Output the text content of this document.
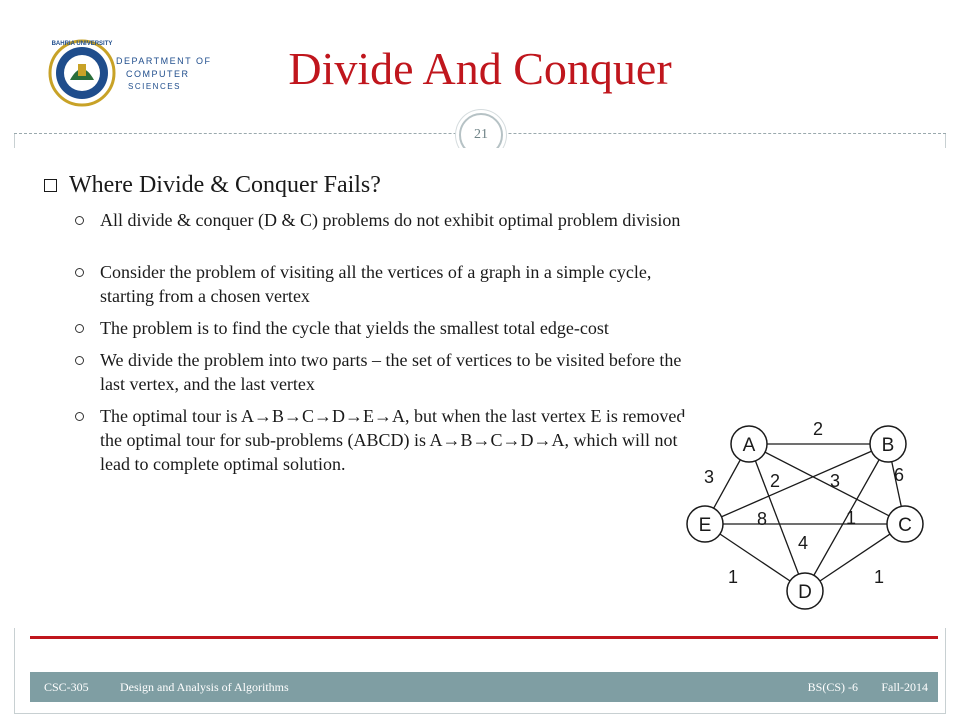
BAHRIA UNIVERSITY
DEPARTMENT OF
COMPUTER
SCIENCES	Divide And Conquer
21
Where Divide & Conquer Fails?
All divide & conquer (D & C) problems do not exhibit optimal problem division
Consider the problem of visiting all the vertices of a graph in a simple cycle, starting from a chosen vertex
The problem is to find the cycle that yields the smallest total edge-cost
We divide the problem into two parts – the set of vertices to be visited before the last vertex, and the last vertex
The optimal tour is A→B→C→D→E→A, but when the last vertex E is removed, the optimal tour for sub-problems (ABCD) is A→B→C→D→A, which will not lead to complete optimal solution.
A	B
C
D
E
2
3	2
4
3	6
1
8
1	1
CSC-305	Design and Analysis of Algorithms	BS(CS) -6 Fall-2014
